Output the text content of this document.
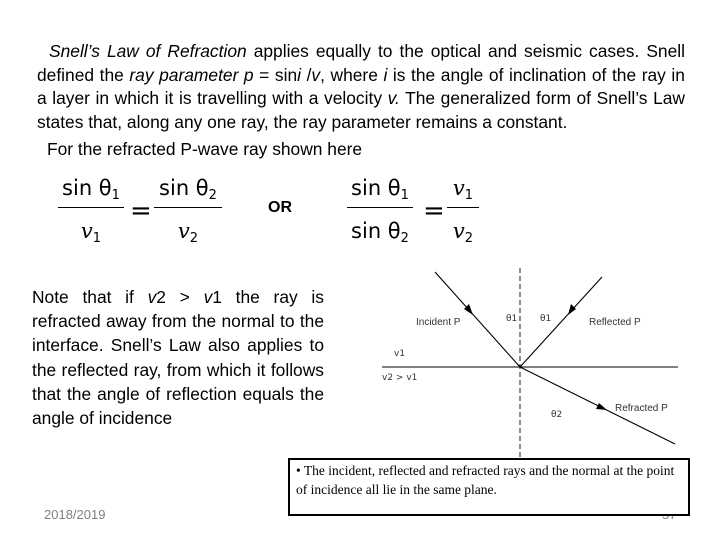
Snell’s Law of Refraction applies equally to the optical and seismic cases. Snell defined the ray parameter p = sini /v, where i is the angle of inclination of the ray in a layer in which it is travelling with a velocity v. The generalized form of Snell’s Law states that, along any one ray, the ray parameter remains a constant.

For the refracted P-wave ray shown here
$\sin \theta_1$
$v_1$
=
$\sin \theta_2$
$v_2$
OR
$\sin \theta_1$
$\sin \theta_2$
=
$v_1$
$v_2$
Note that if v2 > v1 the ray is refracted away from the normal to the interface. Snell’s Law also applies to the reflected ray, from which it follows that the angle of reflection equals the angle of incidence
Incident P	Reflected P
Refracted P
θ1	θ1
θ2
v1
v2 > v1
2018/2019
• The incident, reflected and refracted rays and the normal at the point of incidence all lie in the same plane.
